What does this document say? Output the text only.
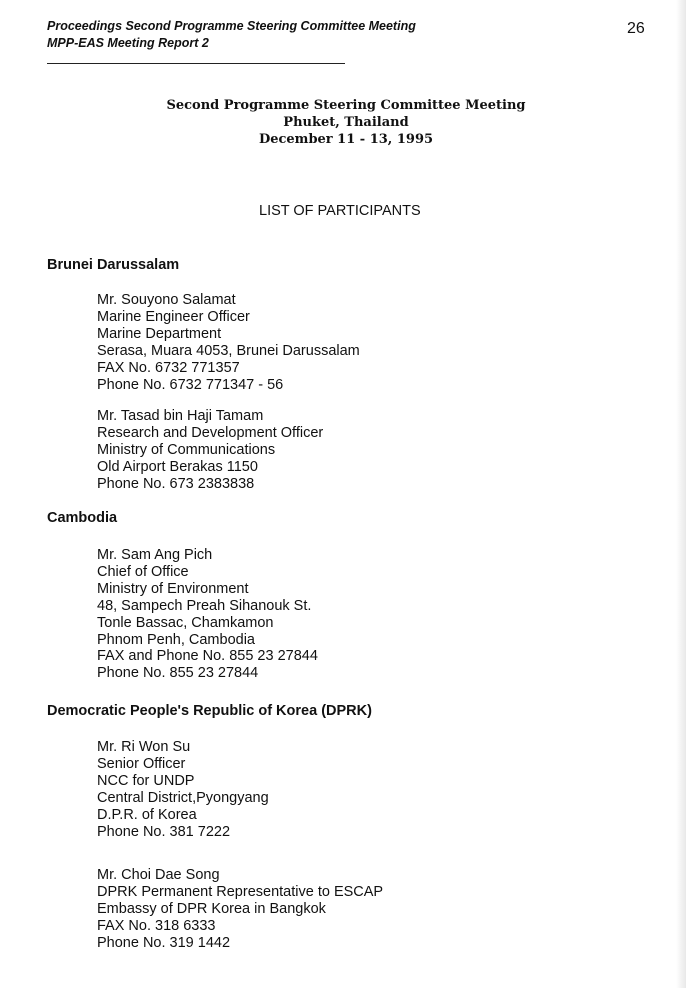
Proceedings Second Programme Steering Committee Meeting
MPP-EAS Meeting Report 2
26
Second Programme Steering Committee Meeting
Phuket, Thailand
December 11 - 13, 1995
LIST OF PARTICIPANTS
Brunei Darussalam
Mr. Souyono Salamat
Marine Engineer Officer
Marine Department
Serasa, Muara 4053, Brunei Darussalam
FAX No. 6732 771357
Phone No. 6732 771347 - 56
Mr. Tasad bin Haji Tamam
Research and Development Officer
Ministry of Communications
Old Airport Berakas 1150
Phone No. 673 2383838
Cambodia
Mr. Sam Ang Pich
Chief of Office
Ministry of Environment
48, Sampech Preah Sihanouk St.
Tonle Bassac, Chamkamon
Phnom Penh, Cambodia
FAX and Phone No. 855 23 27844
Phone No. 855 23 27844
Democratic People's Republic of Korea (DPRK)
Mr. Ri Won Su
Senior Officer
NCC for UNDP
Central District,Pyongyang
D.P.R. of Korea
Phone No. 381 7222
Mr. Choi Dae Song
DPRK Permanent Representative to ESCAP
Embassy of DPR Korea in Bangkok
FAX No. 318 6333
Phone No. 319 1442
